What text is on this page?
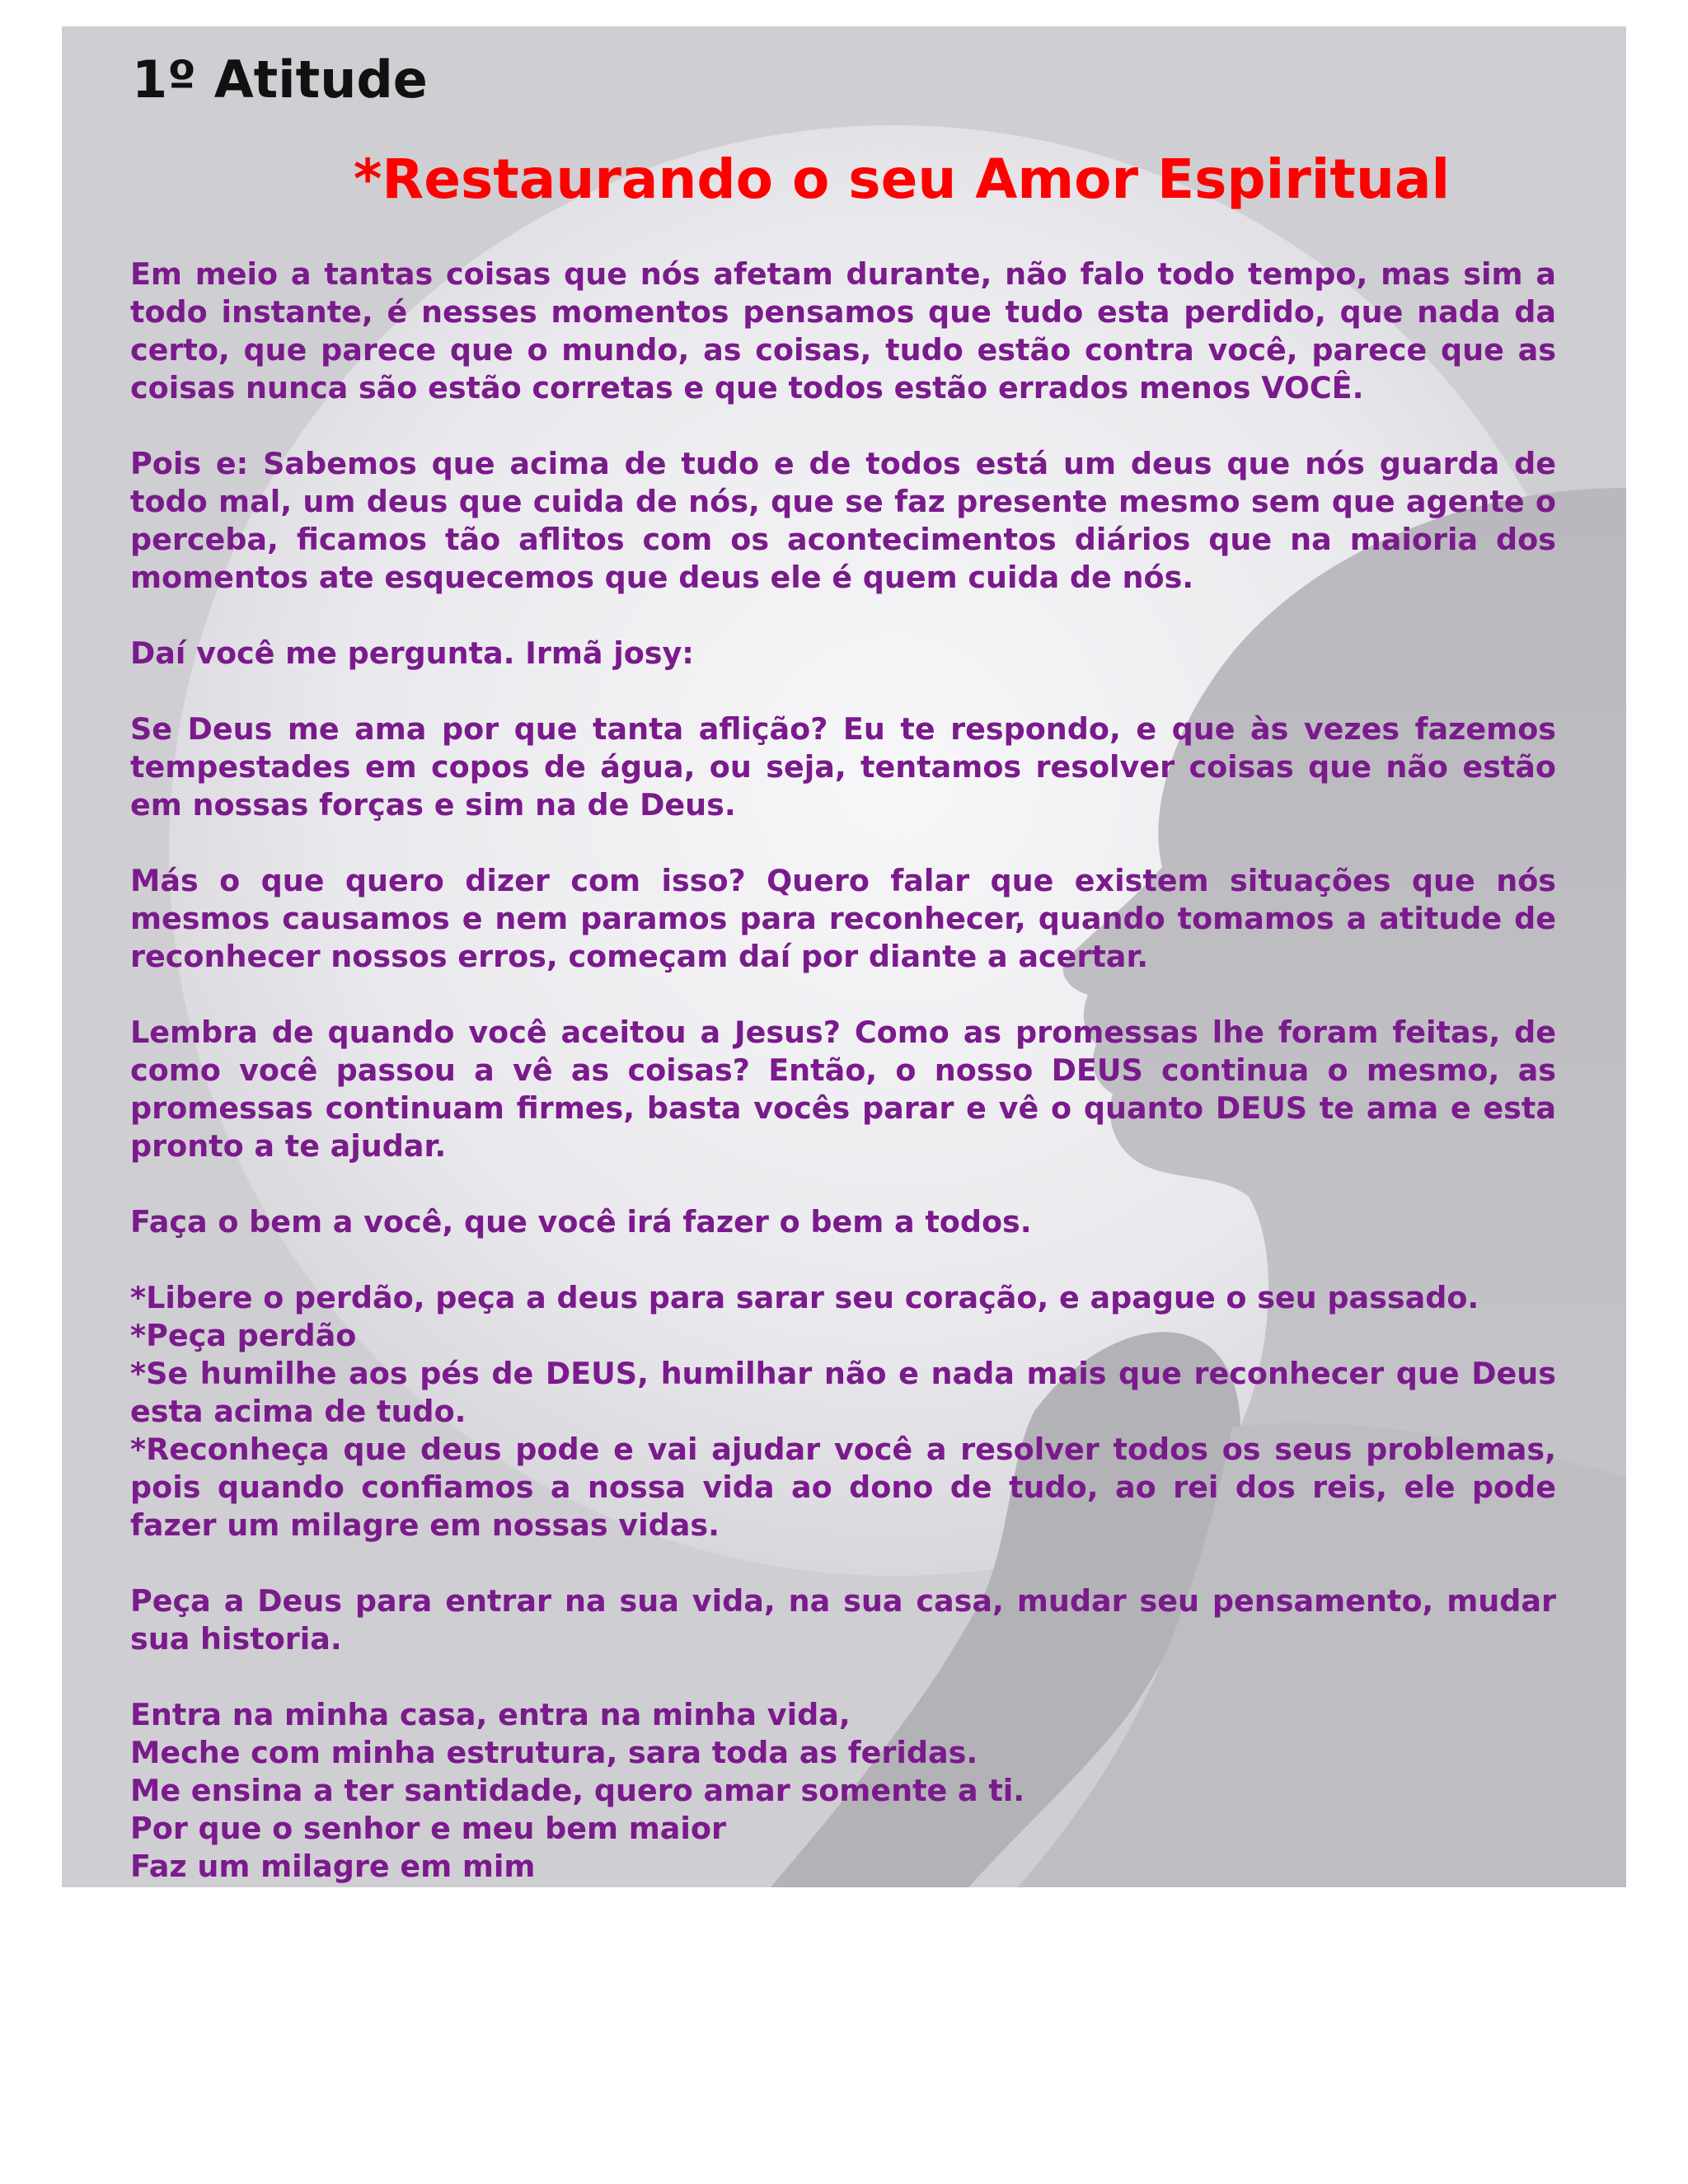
1º Atitude
*Restaurando o seu Amor Espiritual

Em meio a tantas coisas que nós afetam durante, não falo todo tempo, mas sim a todo instante, é nesses momentos pensamos que tudo esta perdido, que nada da certo, que parece que o mundo, as coisas, tudo estão contra você, parece que as coisas nunca são estão corretas e que todos estão errados menos VOCÊ.

Pois e: Sabemos que acima de tudo e de todos está um deus que nós guarda de todo mal, um deus que cuida de nós, que se faz presente mesmo sem que agente o perceba, ficamos tão aflitos com os acontecimentos diários que na maioria dos momentos ate esquecemos que deus ele é quem cuida de nós.

Daí você me pergunta. Irmã josy:

Se Deus me ama por que tanta aflição? Eu te respondo, e que às vezes fazemos tempestades em copos de água, ou seja, tentamos resolver coisas que não estão em nossas forças e sim na de Deus.

Más o que quero dizer com isso? Quero falar que existem situações que nós mesmos causamos e nem paramos para reconhecer, quando tomamos a atitude de reconhecer nossos erros, começam daí por diante a acertar.

Lembra de quando você aceitou a Jesus? Como as promessas lhe foram feitas, de como você passou a vê as coisas? Então, o nosso DEUS continua o mesmo, as promessas continuam firmes, basta vocês parar e vê o quanto DEUS te ama e esta pronto a te ajudar.

Faça o bem a você, que você irá fazer o bem a todos.

*Libere o perdão, peça a deus para sarar seu coração, e apague o seu passado.

*Peça perdão

*Se humilhe aos pés de DEUS, humilhar não e nada mais que reconhecer que Deus esta acima de tudo.

*Reconheça que deus pode e vai ajudar você a resolver todos os seus problemas, pois quando confiamos a nossa vida ao dono de tudo, ao rei dos reis, ele pode fazer um milagre em nossas vidas.

Peça a Deus para entrar na sua vida, na sua casa, mudar seu pensamento, mudar sua historia.

Entra na minha casa, entra na minha vida,
Meche com minha estrutura, sara toda as feridas.
Me ensina a ter santidade, quero amar somente a ti.
Por que o senhor e meu bem maior
Faz um milagre em mim
